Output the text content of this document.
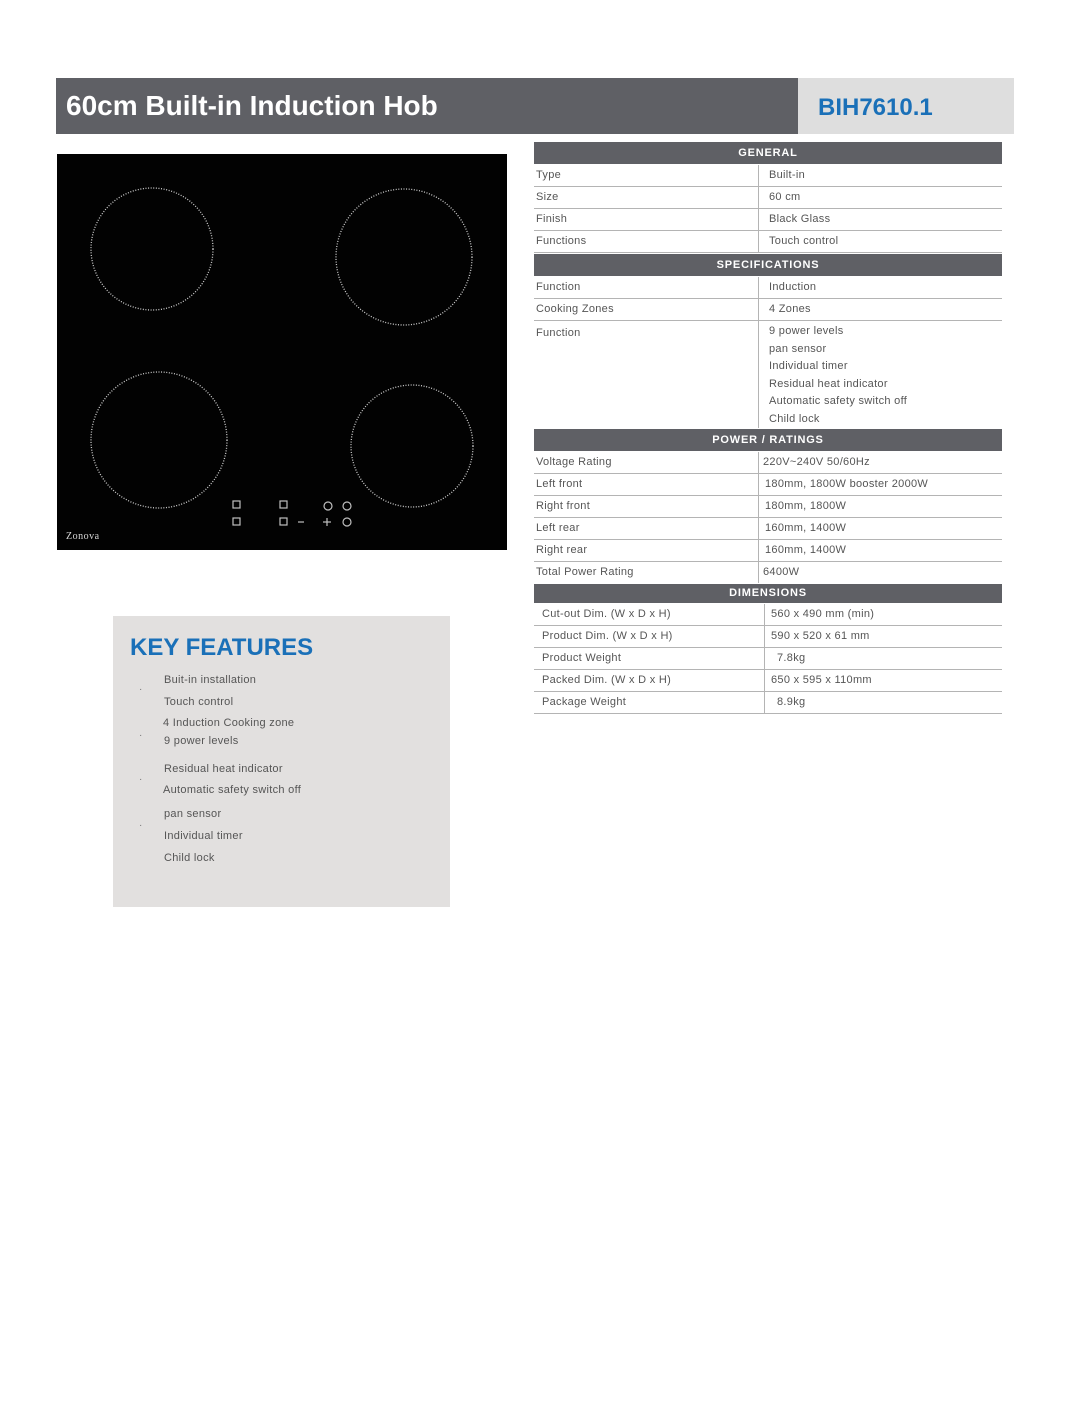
60cm Built-in Induction Hob	BIH7610.1
Zonova
KEY FEATURES
·
·
·
·
Buit-in installation
Touch control
4 Induction Cooking zone
9 power levels
Residual heat indicator
Automatic safety switch off
pan sensor
Individual timer
Child lock
GENERAL
Type	Built-in
Size	60 cm
Finish	Black Glass
Functions	Touch control
SPECIFICATIONS
Function	Induction
Cooking Zones	4 Zones
Function	9 power levels
pan sensor
Individual timer
Residual heat indicator
Automatic safety switch off
Child lock
POWER / RATINGS
Voltage Rating	220V~240V 50/60Hz
Left front	180mm, 1800W booster 2000W
Right front	180mm, 1800W
Left rear	160mm, 1400W
Right rear	160mm, 1400W
Total Power Rating	6400W
DIMENSIONS
Cut-out Dim. (W x D x H)	560 x 490 mm (min)
Product Dim. (W x D x H)	590 x 520 x 61 mm
Product Weight	7.8kg
Packed Dim. (W x D x H)	650 x 595 x 110mm
Package Weight	8.9kg
